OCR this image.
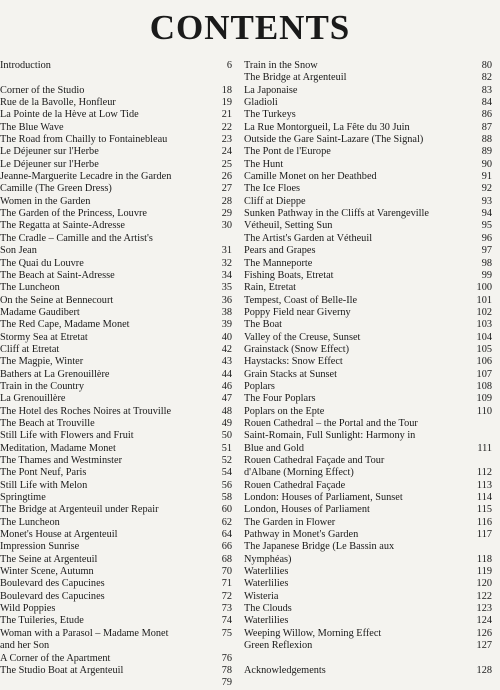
CONTENTS
Introduction	6
Corner of the Studio	18
Rue de la Bavolle, Honfleur	19
La Pointe de la Hève at Low Tide	21
The Blue Wave	22
The Road from Chailly to Fontainebleau	23
Le Déjeuner sur l'Herbe	24
Le Déjeuner sur l'Herbe	25
Jeanne-Marguerite Lecadre in the Garden	26
Camille (The Green Dress)	27
Women in the Garden	28
The Garden of the Princess, Louvre	29
The Regatta at Sainte-Adresse	30
The Cradle – Camille and the Artist's
Son Jean	31
The Quai du Louvre	32
The Beach at Saint-Adresse	34
The Luncheon	35
On the Seine at Bennecourt	36
Madame Gaudibert	38
The Red Cape, Madame Monet	39
Stormy Sea at Etretat	40
Cliff at Etretat	42
The Magpie, Winter	43
Bathers at La Grenouillère	44
Train in the Country	46
La Grenouillère	47
The Hotel des Roches Noires at Trouville	48
The Beach at Trouville	49
Still Life with Flowers and Fruit	50
Meditation, Madame Monet	51
The Thames and Westminster	52
The Pont Neuf, Paris	54
Still Life with Melon	56
Springtime	58
The Bridge at Argenteuil under Repair	60
The Luncheon	62
Monet's House at Argenteuil	64
Impression Sunrise	66
The Seine at Argenteuil	68
Winter Scene, Autumn	70
Boulevard des Capucines	71
Boulevard des Capucines	72
Wild Poppies	73
The Tuileries, Etude	74
Woman with a Parasol – Madame Monet	75
and her Son
A Corner of the Apartment	76
The Studio Boat at Argenteuil	78

79
Train in the Snow	80
The Bridge at Argenteuil	82
La Japonaise	83
Gladioli	84
The Turkeys	86
La Rue Montorgueil, La Fête du 30 Juin	87
Outside the Gare Saint-Lazare (The Signal)	88
The Pont de l'Europe	89
The Hunt	90
Camille Monet on her Deathbed	91
The Ice Floes	92
Cliff at Dieppe	93
Sunken Pathway in the Cliffs at Varengeville	94
Vétheuil, Setting Sun	95
The Artist's Garden at Vétheuil	96
Pears and Grapes	97
The Manneporte	98
Fishing Boats, Etretat	99
Rain, Etretat	100
Tempest, Coast of Belle-Ile	101
Poppy Field near Giverny	102
The Boat	103
Valley of the Creuse, Sunset	104
Grainstack (Snow Effect)	105
Haystacks: Snow Effect	106
Grain Stacks at Sunset	107
Poplars	108
The Four Poplars	109
Poplars on the Epte	110
Rouen Cathedral – the Portal and the Tour
Saint-Romain, Full Sunlight: Harmony in
Blue and Gold	111
Rouen Cathedral Façade and Tour
d'Albane (Morning Effect)	112
Rouen Cathedral Façade	113
London: Houses of Parliament, Sunset	114
London, Houses of Parliament	115
The Garden in Flower	116
Pathway in Monet's Garden	117
The Japanese Bridge (Le Bassin aux
Nymphéas)	118
Waterlilies	119
Waterlilies	120
Wisteria	122
The Clouds	123
Waterlilies	124
Weeping Willow, Morning Effect	126
Green Reflexion	127
Acknowledgements	128
